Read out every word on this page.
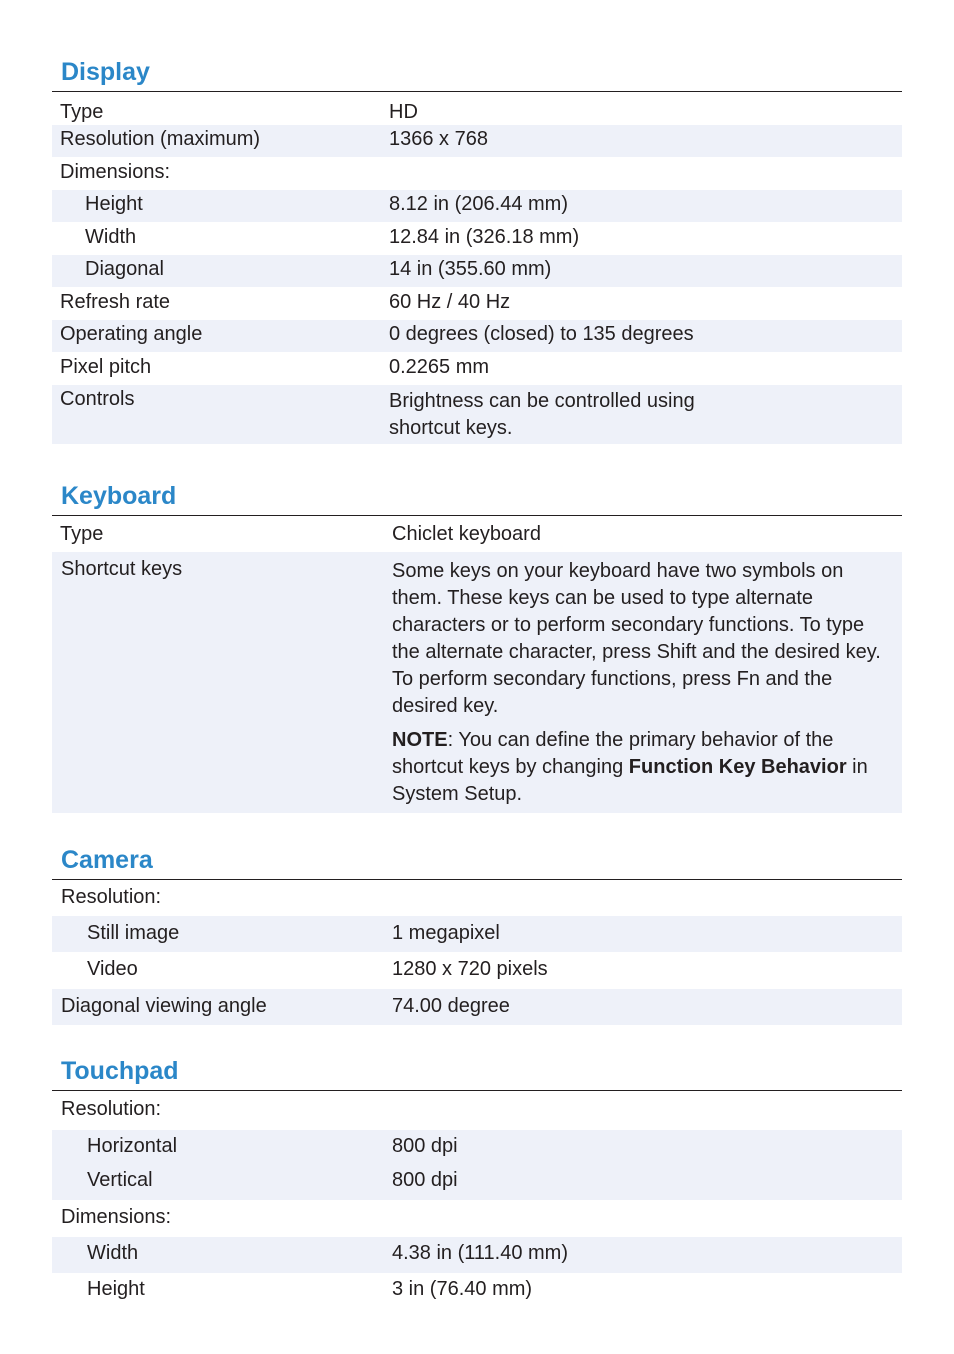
Display
Type	HD
Resolution (maximum)	1366 x 768
Dimensions:
Height	8.12 in (206.44 mm)
Width	12.84 in (326.18 mm)
Diagonal	14 in (355.60 mm)
Refresh rate	60 Hz / 40 Hz
Operating angle	0 degrees (closed) to 135 degrees
Pixel pitch	0.2265 mm
Controls	Brightness can be controlled using shortcut keys.
Keyboard
Type	Chiclet keyboard
Shortcut keys	Some keys on your keyboard have two symbols on them. These keys can be used to type alternate characters or to perform secondary functions. To type the alternate character, press Shift and the desired key. To perform secondary functions, press Fn and the desired key.

NOTE: You can define the primary behavior of the shortcut keys by changing Function Key Behavior in System Setup.

Camera
Resolution:
Still image	1 megapixel
Video	1280 x 720 pixels
Diagonal viewing angle	74.00 degree
Touchpad
Resolution:
Horizontal	800 dpi
Vertical	800 dpi
Dimensions:
Width	4.38 in (111.40 mm)
Height	3 in (76.40 mm)
